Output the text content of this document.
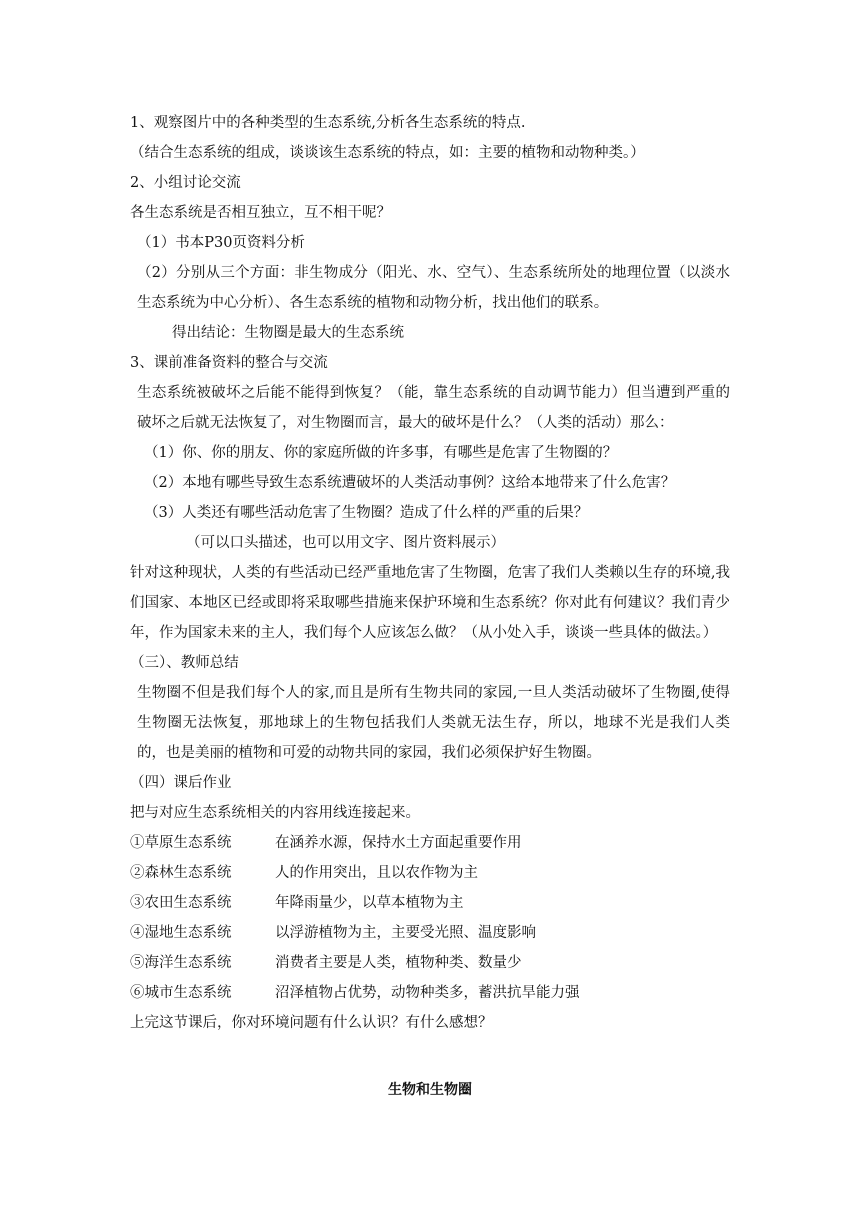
1、观察图片中的各种类型的生态系统,分析各生态系统的特点.
（结合生态系统的组成，谈谈该生态系统的特点，如：主要的植物和动物种类。）
2、小组讨论交流
各生态系统是否相互独立，互不相干呢？
（1）书本P30页资料分析
（2）分别从三个方面：非生物成分（阳光、水、空气）、生态系统所处的地理位置（以淡水生态系统为中心分析）、各生态系统的植物和动物分析，找出他们的联系。
得出结论：生物圈是最大的生态系统
3、课前准备资料的整合与交流
生态系统被破坏之后能不能得到恢复？（能，靠生态系统的自动调节能力）但当遭到严重的破坏之后就无法恢复了，对生物圈而言，最大的破坏是什么？（人类的活动）那么：
（1）你、你的朋友、你的家庭所做的许多事，有哪些是危害了生物圈的？
（2）本地有哪些导致生态系统遭破坏的人类活动事例？这给本地带来了什么危害？
（3）人类还有哪些活动危害了生物圈？造成了什么样的严重的后果？
（可以口头描述，也可以用文字、图片资料展示）
针对这种现状，人类的有些活动已经严重地危害了生物圈，危害了我们人类赖以生存的环境,我们国家、本地区已经或即将采取哪些措施来保护环境和生态系统？你对此有何建议？我们青少年，作为国家未来的主人，我们每个人应该怎么做？（从小处入手，谈谈一些具体的做法。）
（三）、教师总结
生物圈不但是我们每个人的家,而且是所有生物共同的家园,一旦人类活动破坏了生物圈,使得生物圈无法恢复，那地球上的生物包括我们人类就无法生存，所以，地球不光是我们人类的，也是美丽的植物和可爱的动物共同的家园，我们必须保护好生物圈。
（四）课后作业
把与对应生态系统相关的内容用线连接起来。
①草原生态系统	在涵养水源，保持水土方面起重要作用
②森林生态系统	人的作用突出，且以农作物为主
③农田生态系统	年降雨量少，以草本植物为主
④湿地生态系统	以浮游植物为主，主要受光照、温度影响
⑤海洋生态系统	消费者主要是人类，植物种类、数量少
⑥城市生态系统	沼泽植物占优势，动物种类多，蓄洪抗旱能力强
上完这节课后，你对环境问题有什么认识？有什么感想？
生物和生物圈
